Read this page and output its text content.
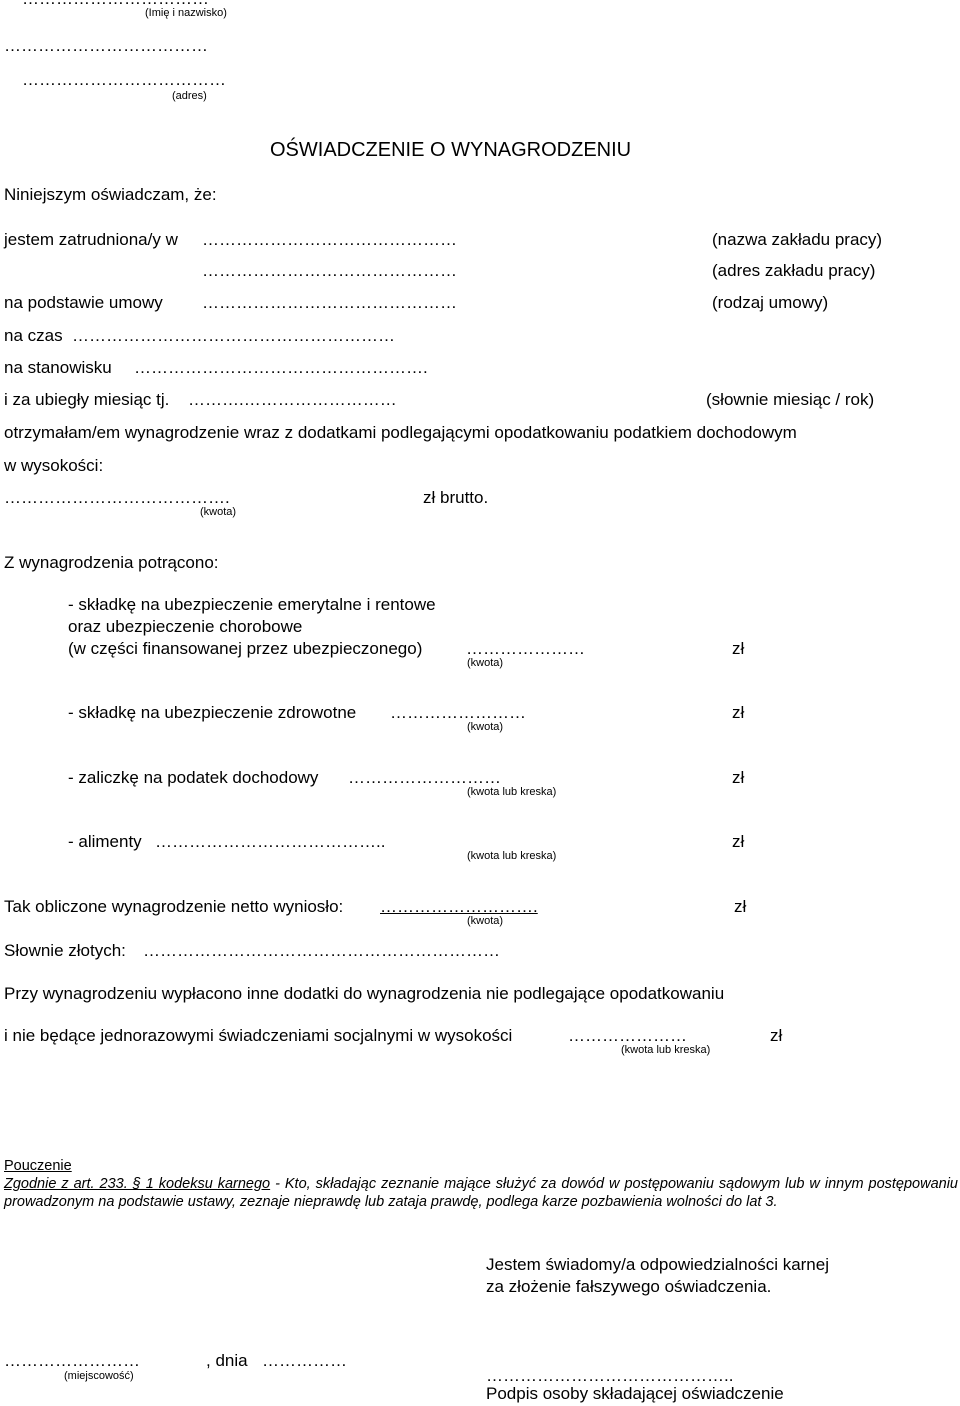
(Imię i nazwisko)
………………………………
………………………………
(adres)
OŚWIADCZENIE O WYNAGRODZENIU
Niniejszym oświadczam, że:
jestem zatrudniona/y w ………………………………………	(nazwa zakładu pracy)
………………………………………	(adres zakładu pracy)
na podstawie umowy ………………………………………	(rodzaj umowy)
na czas …………………………………………………
na stanowisku …………………………………………….
i za ubiegły miesiąc tj. ……….………………………	(słownie miesiąc / rok)
otrzymałam/em wynagrodzenie wraz z dodatkami podlegającymi opodatkowaniu podatkiem dochodowym
w wysokości:
………………………………….
(kwota)
zł brutto.
Z wynagrodzenia potrącono:
- składkę na ubezpieczenie emerytalne i rentowe
oraz ubezpieczenie chorobowe
(w części finansowanej przez ubezpieczonego)	…………………	zł
(kwota)
- składkę na ubezpieczenie zdrowotne ……………………	zł
(kwota)
- zaliczkę na podatek dochodowy ………………………	zł
(kwota lub kreska)
- alimenty …………………………………..	zł
(kwota lub kreska)
Tak obliczone wynagrodzenie netto wyniosło: ……………………….	zł
(kwota)
Słownie złotych: ………………………………………………………
Przy wynagrodzeniu wypłacono inne dodatki do wynagrodzenia nie podlegające opodatkowaniu
i nie będące jednorazowymi świadczeniami socjalnymi w wysokości	…………………	zł
(kwota lub kreska)
Pouczenie
Zgodnie z art. 233. § 1 kodeksu karnego - Kto, składając zeznanie mające służyć za dowód w postępowaniu sądowym lub w innym postępowaniu prowadzonym na podstawie ustawy, zeznaje nieprawdę lub zataja prawdę, podlega karze pozbawienia wolności do lat 3.
Jestem świadomy/a odpowiedzialności karnej
za złożenie fałszywego oświadczenia.
……………………	, dnia ……………
(miejscowość)	……………………………………..
Podpis osoby składającej oświadczenie
